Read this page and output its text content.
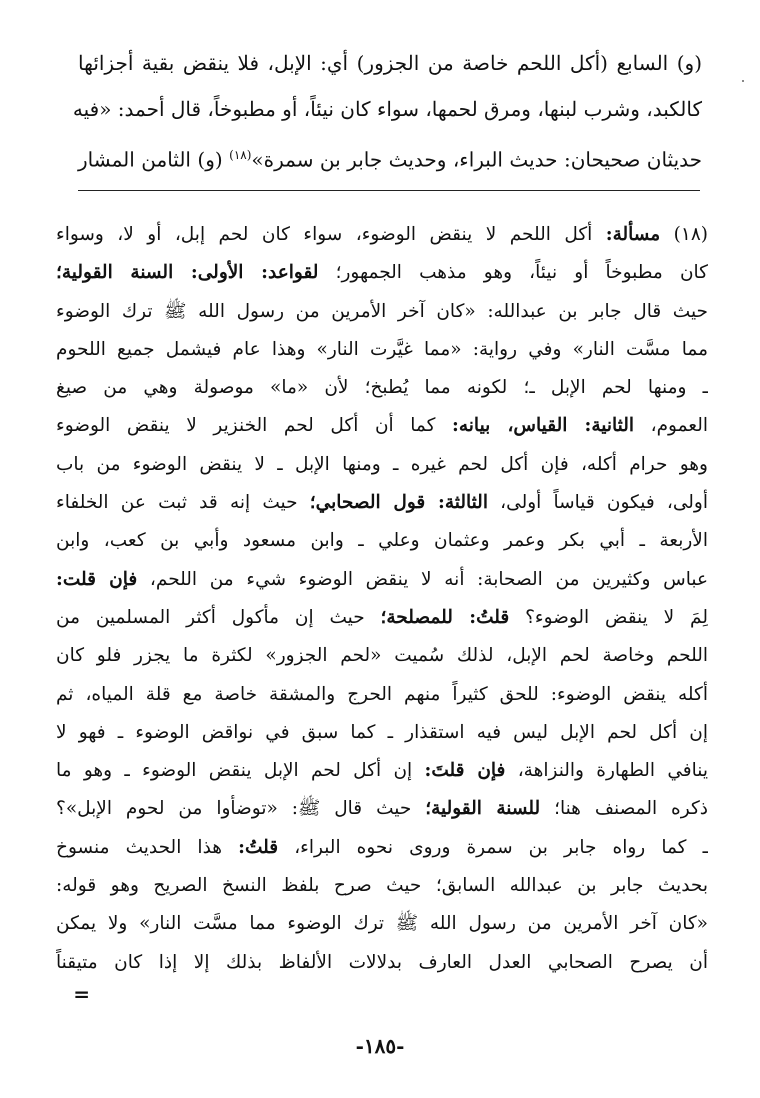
(و) السابع (أكل اللحم خاصة من الجزور) أي: الإبل، فلا ينقض بقية أجزائها
كالكبد، وشرب لبنها، ومرق لحمها، سواء كان نيئاً، أو مطبوخاً، قال أحمد: «فيه
حديثان صحيحان: حديث البراء، وحديث جابر بن سمرة»$^{(١٨)}$ (و) الثامن المشار
(١٨) مسألة: أكل اللحم لا ينقض الوضوء، سواء كان لحم إبل، أو لا، وسواء
كان مطبوخاً أو نيئاً، وهو مذهب الجمهور؛ لقواعد: الأولى: السنة القولية؛
حيث قال جابر بن عبدالله: «كان آخر الأمرين من رسول الله ﷺ ترك الوضوء
مما مسَّت النار» وفي رواية: «مما غيَّرت النار» وهذا عام فيشمل جميع اللحوم
ـ ومنها لحم الإبل ـ؛ لكونه مما يُطبخ؛ لأن «ما» موصولة وهي من صيغ
العموم، الثانية: القياس، بيانه: كما أن أكل لحم الخنزير لا ينقض الوضوء
وهو حرام أكله، فإن أكل لحم غيره ـ ومنها الإبل ـ لا ينقض الوضوء من باب
أولى، فيكون قياساً أولى، الثالثة: قول الصحابي؛ حيث إنه قد ثبت عن الخلفاء
الأربعة ـ أبي بكر وعمر وعثمان وعلي ـ وابن مسعود وأبي بن كعب، وابن
عباس وكثيرين من الصحابة: أنه لا ينقض الوضوء شيء من اللحم، فإن قلت:
لِمَ لا ينقض الوضوء؟ قلتُ: للمصلحة؛ حيث إن مأكول أكثر المسلمين من
اللحم وخاصة لحم الإبل، لذلك سُميت «لحم الجزور» لكثرة ما يجزر فلو كان
أكله ينقض الوضوء: للحق كثيراً منهم الحرج والمشقة خاصة مع قلة المياه، ثم
إن أكل لحم الإبل ليس فيه استقذار ـ كما سبق في نواقض الوضوء ـ فهو لا
ينافي الطهارة والنزاهة، فإن قلتَ: إن أكل لحم الإبل ينقض الوضوء ـ وهو ما
ذكره المصنف هنا؛ للسنة القولية؛ حيث قال ﷺ: «توضأوا من لحوم الإبل»؟
ـ كما رواه جابر بن سمرة وروى نحوه البراء، قلتُ: هذا الحديث منسوخ
بحديث جابر بن عبدالله السابق؛ حيث صرح بلفظ النسخ الصريح وهو قوله:
«كان آخر الأمرين من رسول الله ﷺ ترك الوضوء مما مسَّت النار» ولا يمكن
أن يصرح الصحابي العدل العارف بدلالات الألفاظ بذلك إلا إذا كان متيقناً
=
-١٨٥-
